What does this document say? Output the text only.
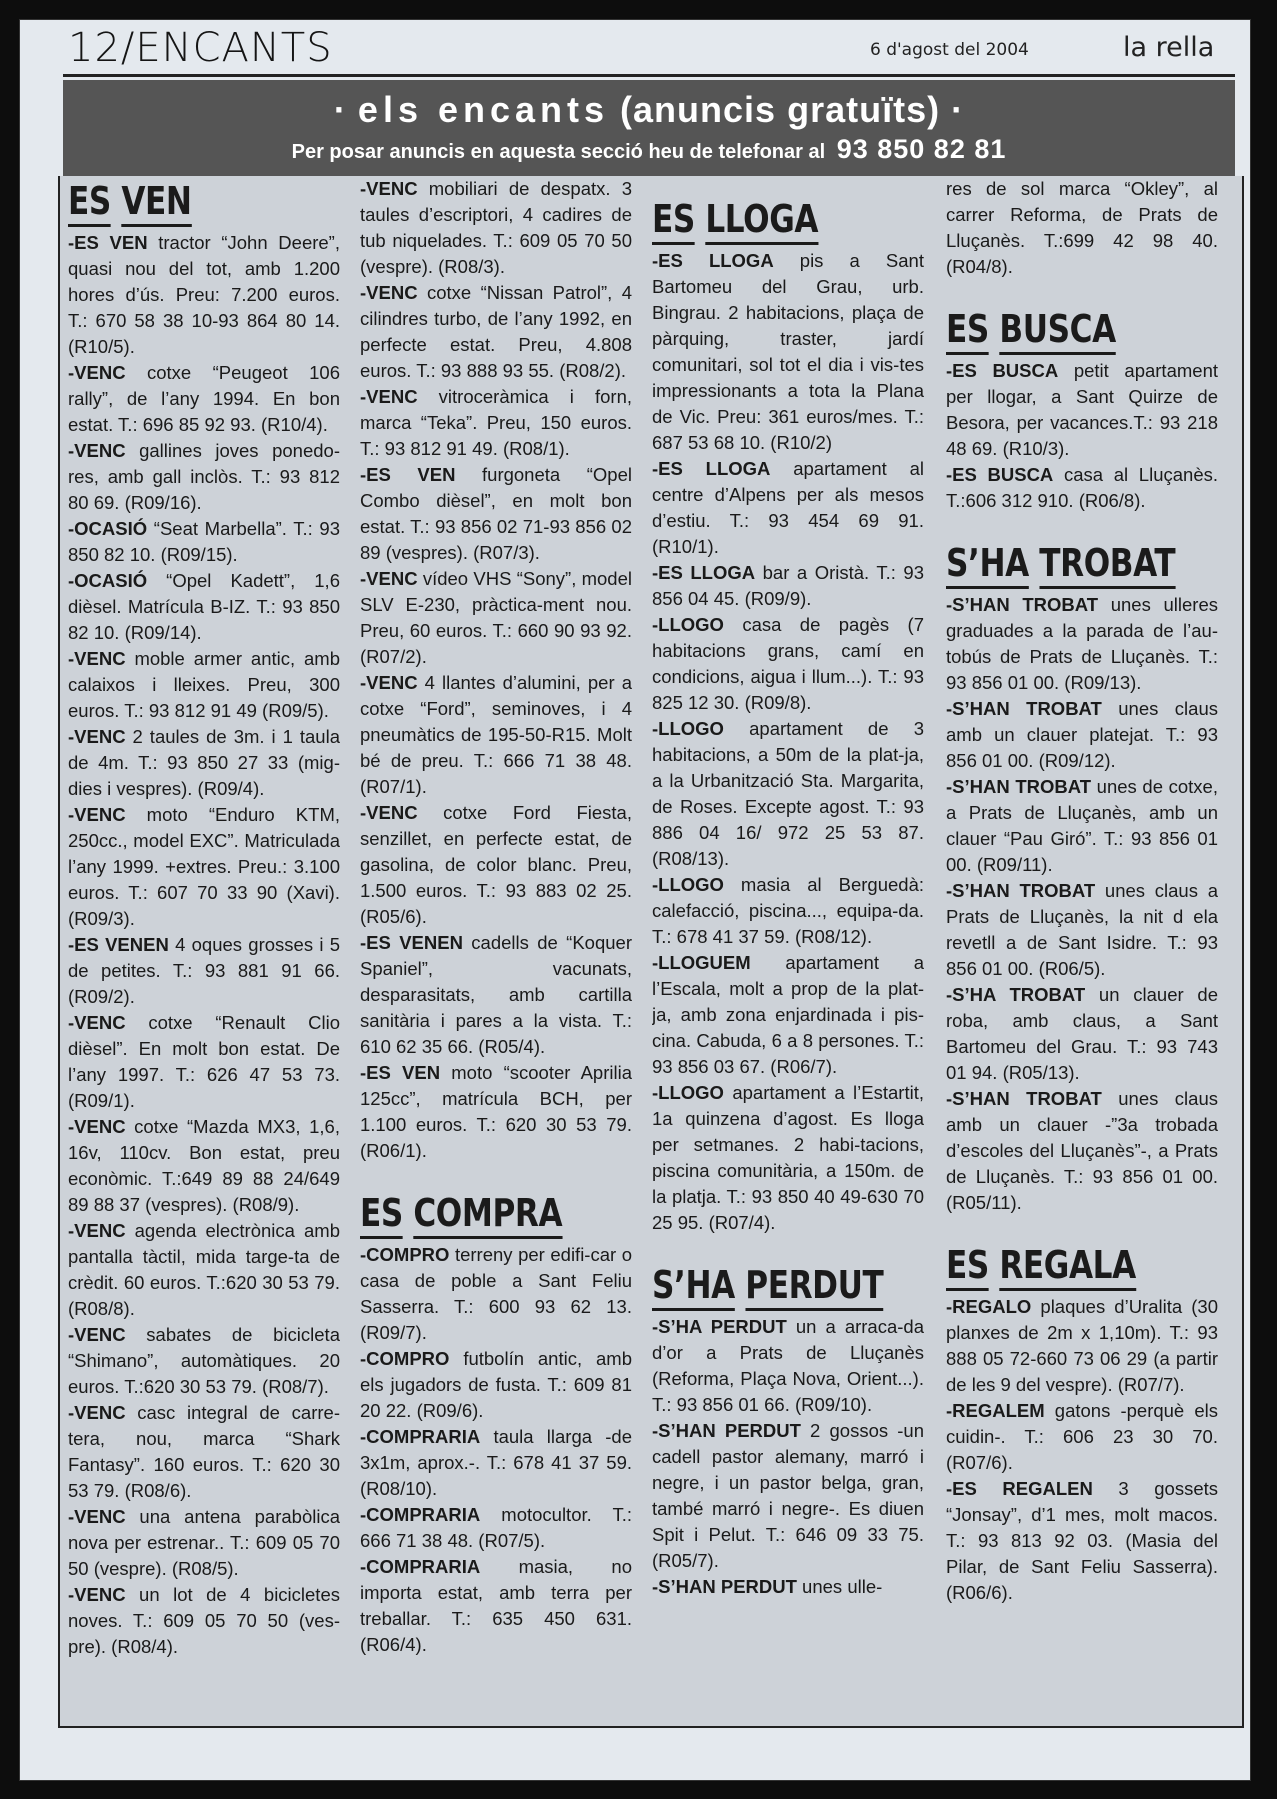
12/ENCANTS	6 d'agost del 2004	la rella
· els encants (anuncis gratuïts) ·
Per posar anuncis en aquesta secció heu de telefonar al 93 850 82 81
ES VEN

-ES VEN tractor “John Deere”, quasi nou del tot, amb 1.200 hores d’ús. Preu: 7.200 euros. T.: 670 58 38 10-93 864 80 14. (R10/5).

-VENC cotxe “Peugeot 106 rally”, de l’any 1994. En bon estat. T.: 696 85 92 93. (R10/4).

-VENC gallines joves ponedo-res, amb gall inclòs. T.: 93 812 80 69. (R09/16).

-OCASIÓ “Seat Marbella”. T.: 93 850 82 10. (R09/15).

-OCASIÓ “Opel Kadett”, 1,6 dièsel. Matrícula B-IZ. T.: 93 850 82 10. (R09/14).

-VENC moble armer antic, amb calaixos i lleixes. Preu, 300 euros. T.: 93 812 91 49 (R09/5).

-VENC 2 taules de 3m. i 1 taula de 4m. T.: 93 850 27 33 (mig-dies i vespres). (R09/4).

-VENC moto “Enduro KTM, 250cc., model EXC”. Matriculada l’any 1999. +extres. Preu.: 3.100 euros. T.: 607 70 33 90 (Xavi). (R09/3).

-ES VENEN 4 oques grosses i 5 de petites. T.: 93 881 91 66. (R09/2).

-VENC cotxe “Renault Clio dièsel”. En molt bon estat. De l’any 1997. T.: 626 47 53 73. (R09/1).

-VENC cotxe “Mazda MX3, 1,6, 16v, 110cv. Bon estat, preu econòmic. T.:649 89 88 24/649 89 88 37 (vespres). (R08/9).

-VENC agenda electrònica amb pantalla tàctil, mida targe-ta de crèdit. 60 euros. T.:620 30 53 79. (R08/8).

-VENC sabates de bicicleta “Shimano”, automàtiques. 20 euros. T.:620 30 53 79. (R08/7).

-VENC casc integral de carre-tera, nou, marca “Shark Fantasy”. 160 euros. T.: 620 30 53 79. (R08/6).

-VENC una antena parabòlica nova per estrenar.. T.: 609 05 70 50 (vespre). (R08/5).

-VENC un lot de 4 bicicletes noves. T.: 609 05 70 50 (ves-pre). (R08/4).

-VENC mobiliari de despatx. 3 taules d’escriptori, 4 cadires de tub niquelades. T.: 609 05 70 50 (vespre). (R08/3).

-VENC cotxe “Nissan Patrol”, 4 cilindres turbo, de l’any 1992, en perfecte estat. Preu, 4.808 euros. T.: 93 888 93 55. (R08/2).

-VENC vitroceràmica i forn, marca “Teka”. Preu, 150 euros. T.: 93 812 91 49. (R08/1).

-ES VEN furgoneta “Opel Combo dièsel”, en molt bon estat. T.: 93 856 02 71-93 856 02 89 (vespres). (R07/3).

-VENC vídeo VHS “Sony”, model SLV E-230, pràctica-ment nou. Preu, 60 euros. T.: 660 90 93 92. (R07/2).

-VENC 4 llantes d’alumini, per a cotxe “Ford”, seminoves, i 4 pneumàtics de 195-50-R15. Molt bé de preu. T.: 666 71 38 48. (R07/1).

-VENC cotxe Ford Fiesta, senzillet, en perfecte estat, de gasolina, de color blanc. Preu, 1.500 euros. T.: 93 883 02 25. (R05/6).

-ES VENEN cadells de “Koquer Spaniel”, vacunats, desparasitats, amb cartilla sanitària i pares a la vista. T.: 610 62 35 66. (R05/4).

-ES VEN moto “scooter Aprilia 125cc”, matrícula BCH, per 1.100 euros. T.: 620 30 53 79. (R06/1).

ES COMPRA

-COMPRO terreny per edifi-car o casa de poble a Sant Feliu Sasserra. T.: 600 93 62 13. (R09/7).

-COMPRO futbolín antic, amb els jugadors de fusta. T.: 609 81 20 22. (R09/6).

-COMPRARIA taula llarga -de 3x1m, aprox.-. T.: 678 41 37 59. (R08/10).

-COMPRARIA motocultor. T.: 666 71 38 48. (R07/5).

-COMPRARIA masia, no importa estat, amb terra per treballar. T.: 635 450 631. (R06/4).

ES LLOGA

-ES LLOGA pis a Sant Bartomeu del Grau, urb. Bingrau. 2 habitacions, plaça de pàrquing, traster, jardí comunitari, sol tot el dia i vis-tes impressionants a tota la Plana de Vic. Preu: 361 euros/mes. T.: 687 53 68 10. (R10/2)

-ES LLOGA apartament al centre d’Alpens per als mesos d’estiu. T.: 93 454 69 91. (R10/1).

-ES LLOGA bar a Oristà. T.: 93 856 04 45. (R09/9).

-LLOGO casa de pagès (7 habitacions grans, camí en condicions, aigua i llum...). T.: 93 825 12 30. (R09/8).

-LLOGO apartament de 3 habitacions, a 50m de la plat-ja, a la Urbanització Sta. Margarita, de Roses. Excepte agost. T.: 93 886 04 16/ 972 25 53 87. (R08/13).

-LLOGO masia al Berguedà: calefacció, piscina..., equipa-da. T.: 678 41 37 59. (R08/12).

-LLOGUEM apartament a l’Escala, molt a prop de la plat-ja, amb zona enjardinada i pis-cina. Cabuda, 6 a 8 persones. T.: 93 856 03 67. (R06/7).

-LLOGO apartament a l’Estartit, 1a quinzena d’agost. Es lloga per setmanes. 2 habi-tacions, piscina comunitària, a 150m. de la platja. T.: 93 850 40 49-630 70 25 95. (R07/4).

S’HA PERDUT

-S’HA PERDUT un a arraca-da d’or a Prats de Lluçanès (Reforma, Plaça Nova, Orient...). T.: 93 856 01 66. (R09/10).

-S’HAN PERDUT 2 gossos -un cadell pastor alemany, marró i negre, i un pastor belga, gran, també marró i negre-. Es diuen Spit i Pelut. T.: 646 09 33 75. (R05/7).

-S’HAN PERDUT unes ulle-

res de sol marca “Okley”, al carrer Reforma, de Prats de Lluçanès. T.:699 42 98 40. (R04/8).

ES BUSCA

-ES BUSCA petit apartament per llogar, a Sant Quirze de Besora, per vacances.T.: 93 218 48 69. (R10/3).

-ES BUSCA casa al Lluçanès. T.:606 312 910. (R06/8).

S’HA TROBAT

-S’HAN TROBAT unes ulleres graduades a la parada de l’au-tobús de Prats de Lluçanès. T.: 93 856 01 00. (R09/13).

-S’HAN TROBAT unes claus amb un clauer platejat. T.: 93 856 01 00. (R09/12).

-S’HAN TROBAT unes de cotxe, a Prats de Lluçanès, amb un clauer “Pau Giró”. T.: 93 856 01 00. (R09/11).

-S’HAN TROBAT unes claus a Prats de Lluçanès, la nit d ela revetll a de Sant Isidre. T.: 93 856 01 00. (R06/5).

-S’HA TROBAT un clauer de roba, amb claus, a Sant Bartomeu del Grau. T.: 93 743 01 94. (R05/13).

-S’HAN TROBAT unes claus amb un clauer -”3a trobada d’escoles del Lluçanès”-, a Prats de Lluçanès. T.: 93 856 01 00. (R05/11).

ES REGALA

-REGALO plaques d’Uralita (30 planxes de 2m x 1,10m). T.: 93 888 05 72-660 73 06 29 (a partir de les 9 del vespre). (R07/7).

-REGALEM gatons -perquè els cuidin-. T.: 606 23 30 70. (R07/6).

-ES REGALEN 3 gossets “Jonsay”, d’1 mes, molt macos. T.: 93 813 92 03. (Masia del Pilar, de Sant Feliu Sasserra). (R06/6).
